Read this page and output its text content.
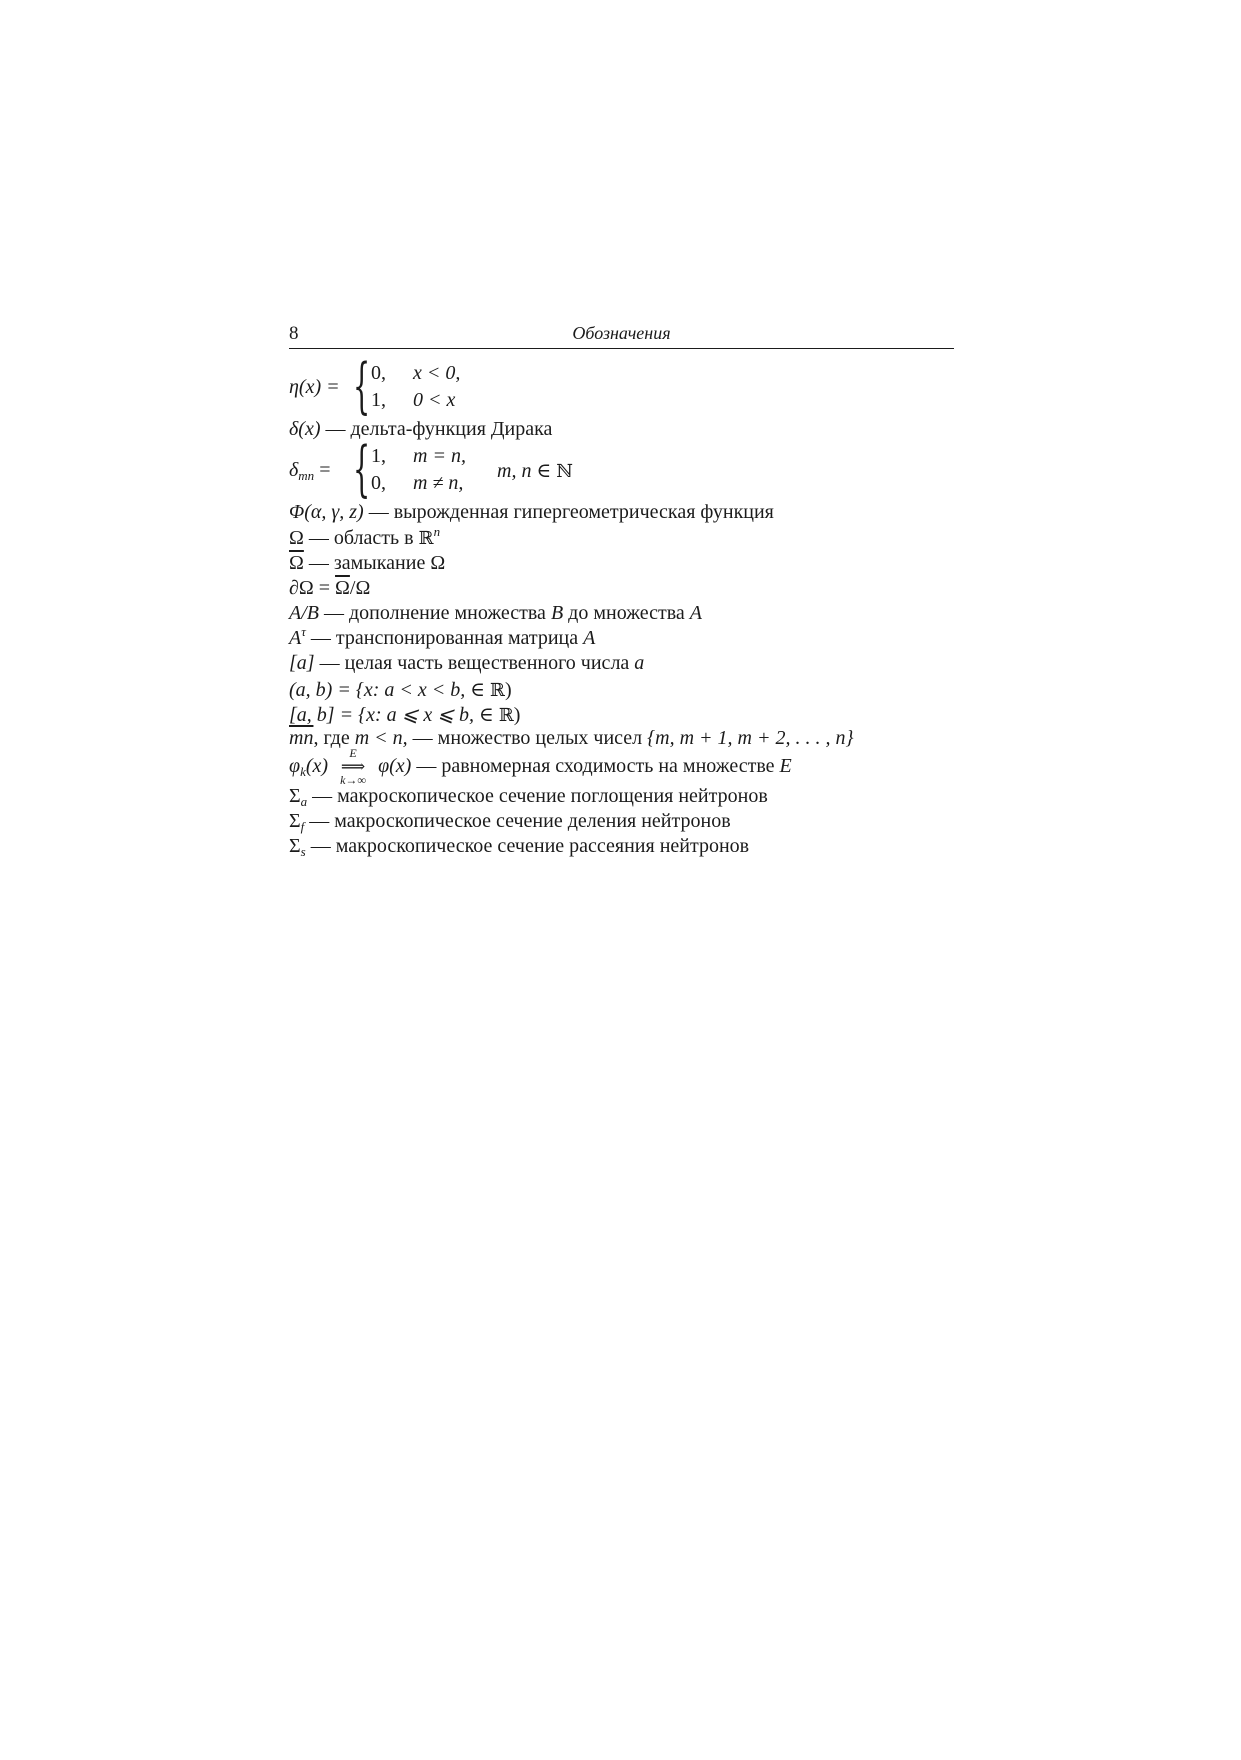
8	Обозначения
η(x) = { 0, x < 0,
1, 0 < x
δ(x) — дельта-функция Дирака
$\delta_{mn}$ = { 1, m = n,
0, m ≠ n,
m, n ∈ ℕ
Φ(α, γ, z) — вырожденная гипергеометрическая функция
Ω — область в ℝ$^n$
$\overline{\Omega}$ — замыкание Ω
$\partial\Omega = \overline{\Omega}/\Omega$
A/B — дополнение множества B до множества A
$A^\tau$ — транспонированная матрица A
[a] — целая часть вещественного числа a
(a, b) = {x: a < x < b, ∈ ℝ)
[a, b] = {x: a ⩽ x ⩽ b, ∈ ℝ)
$\overline{mn}$, где m < n, — множество целых чисел {m, m + 1, m + 2, . . . , n}
$\varphi_k(x)$
E
⟹
k→∞
φ(x) — равномерная сходимость на множестве E
$\Sigma_a$ — макроскопическое сечение поглощения нейтронов
$\Sigma_f$ — макроскопическое сечение деления нейтронов
$\Sigma_s$ — макроскопическое сечение рассеяния нейтронов
